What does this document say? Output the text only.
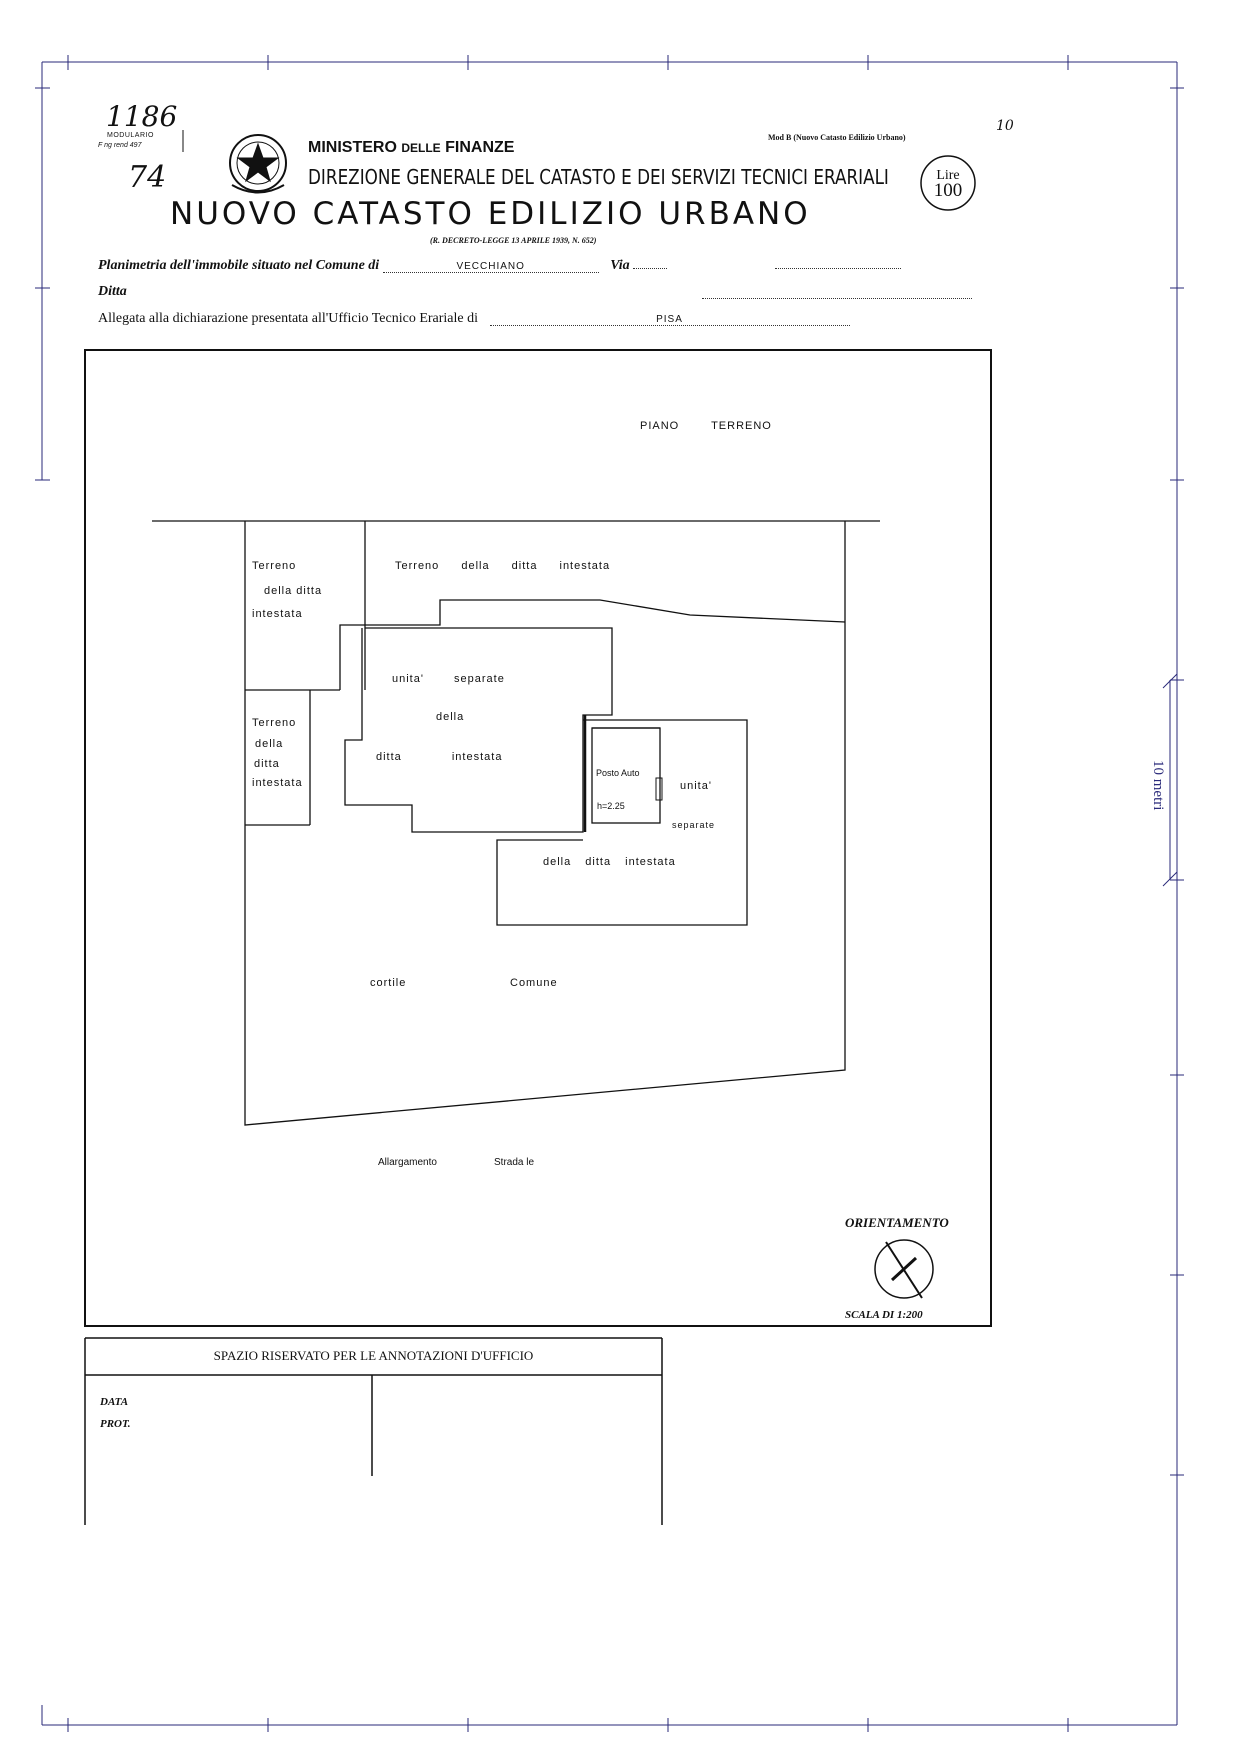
1186
MODULARIO
F ng rend 497
74
MINISTERO DELLE FINANZE
DIREZIONE GENERALE DEL CATASTO E DEI SERVIZI TECNICI ERARIALI
NUOVO CATASTO EDILIZIO URBANO
(R. DECRETO-LEGGE 13 APRILE 1939, N. 652)
Mod B (Nuovo Catasto Edilizio Urbano)
10
Lire
100
Planimetria dell'immobile situato nel Comune di	VECCHIANO	Via
Ditta
Allegata alla dichiarazione presentata all'Ufficio Tecnico Erariale di	PISA
PIANO TERRENO
Terreno
della ditta
intestata
Terreno della ditta intestata
unita' separate
della
ditta intestata
Terreno
della
ditta
intestata
Posto Auto
h=2.25
unita'
separate
della ditta intestata
cortile	Comune
Allargamento	Strada le
ORIENTAMENTO
SCALA DI 1:200
SPAZIO RISERVATO PER LE ANNOTAZIONI D'UFFICIO
DATA
PROT.
10 metri
